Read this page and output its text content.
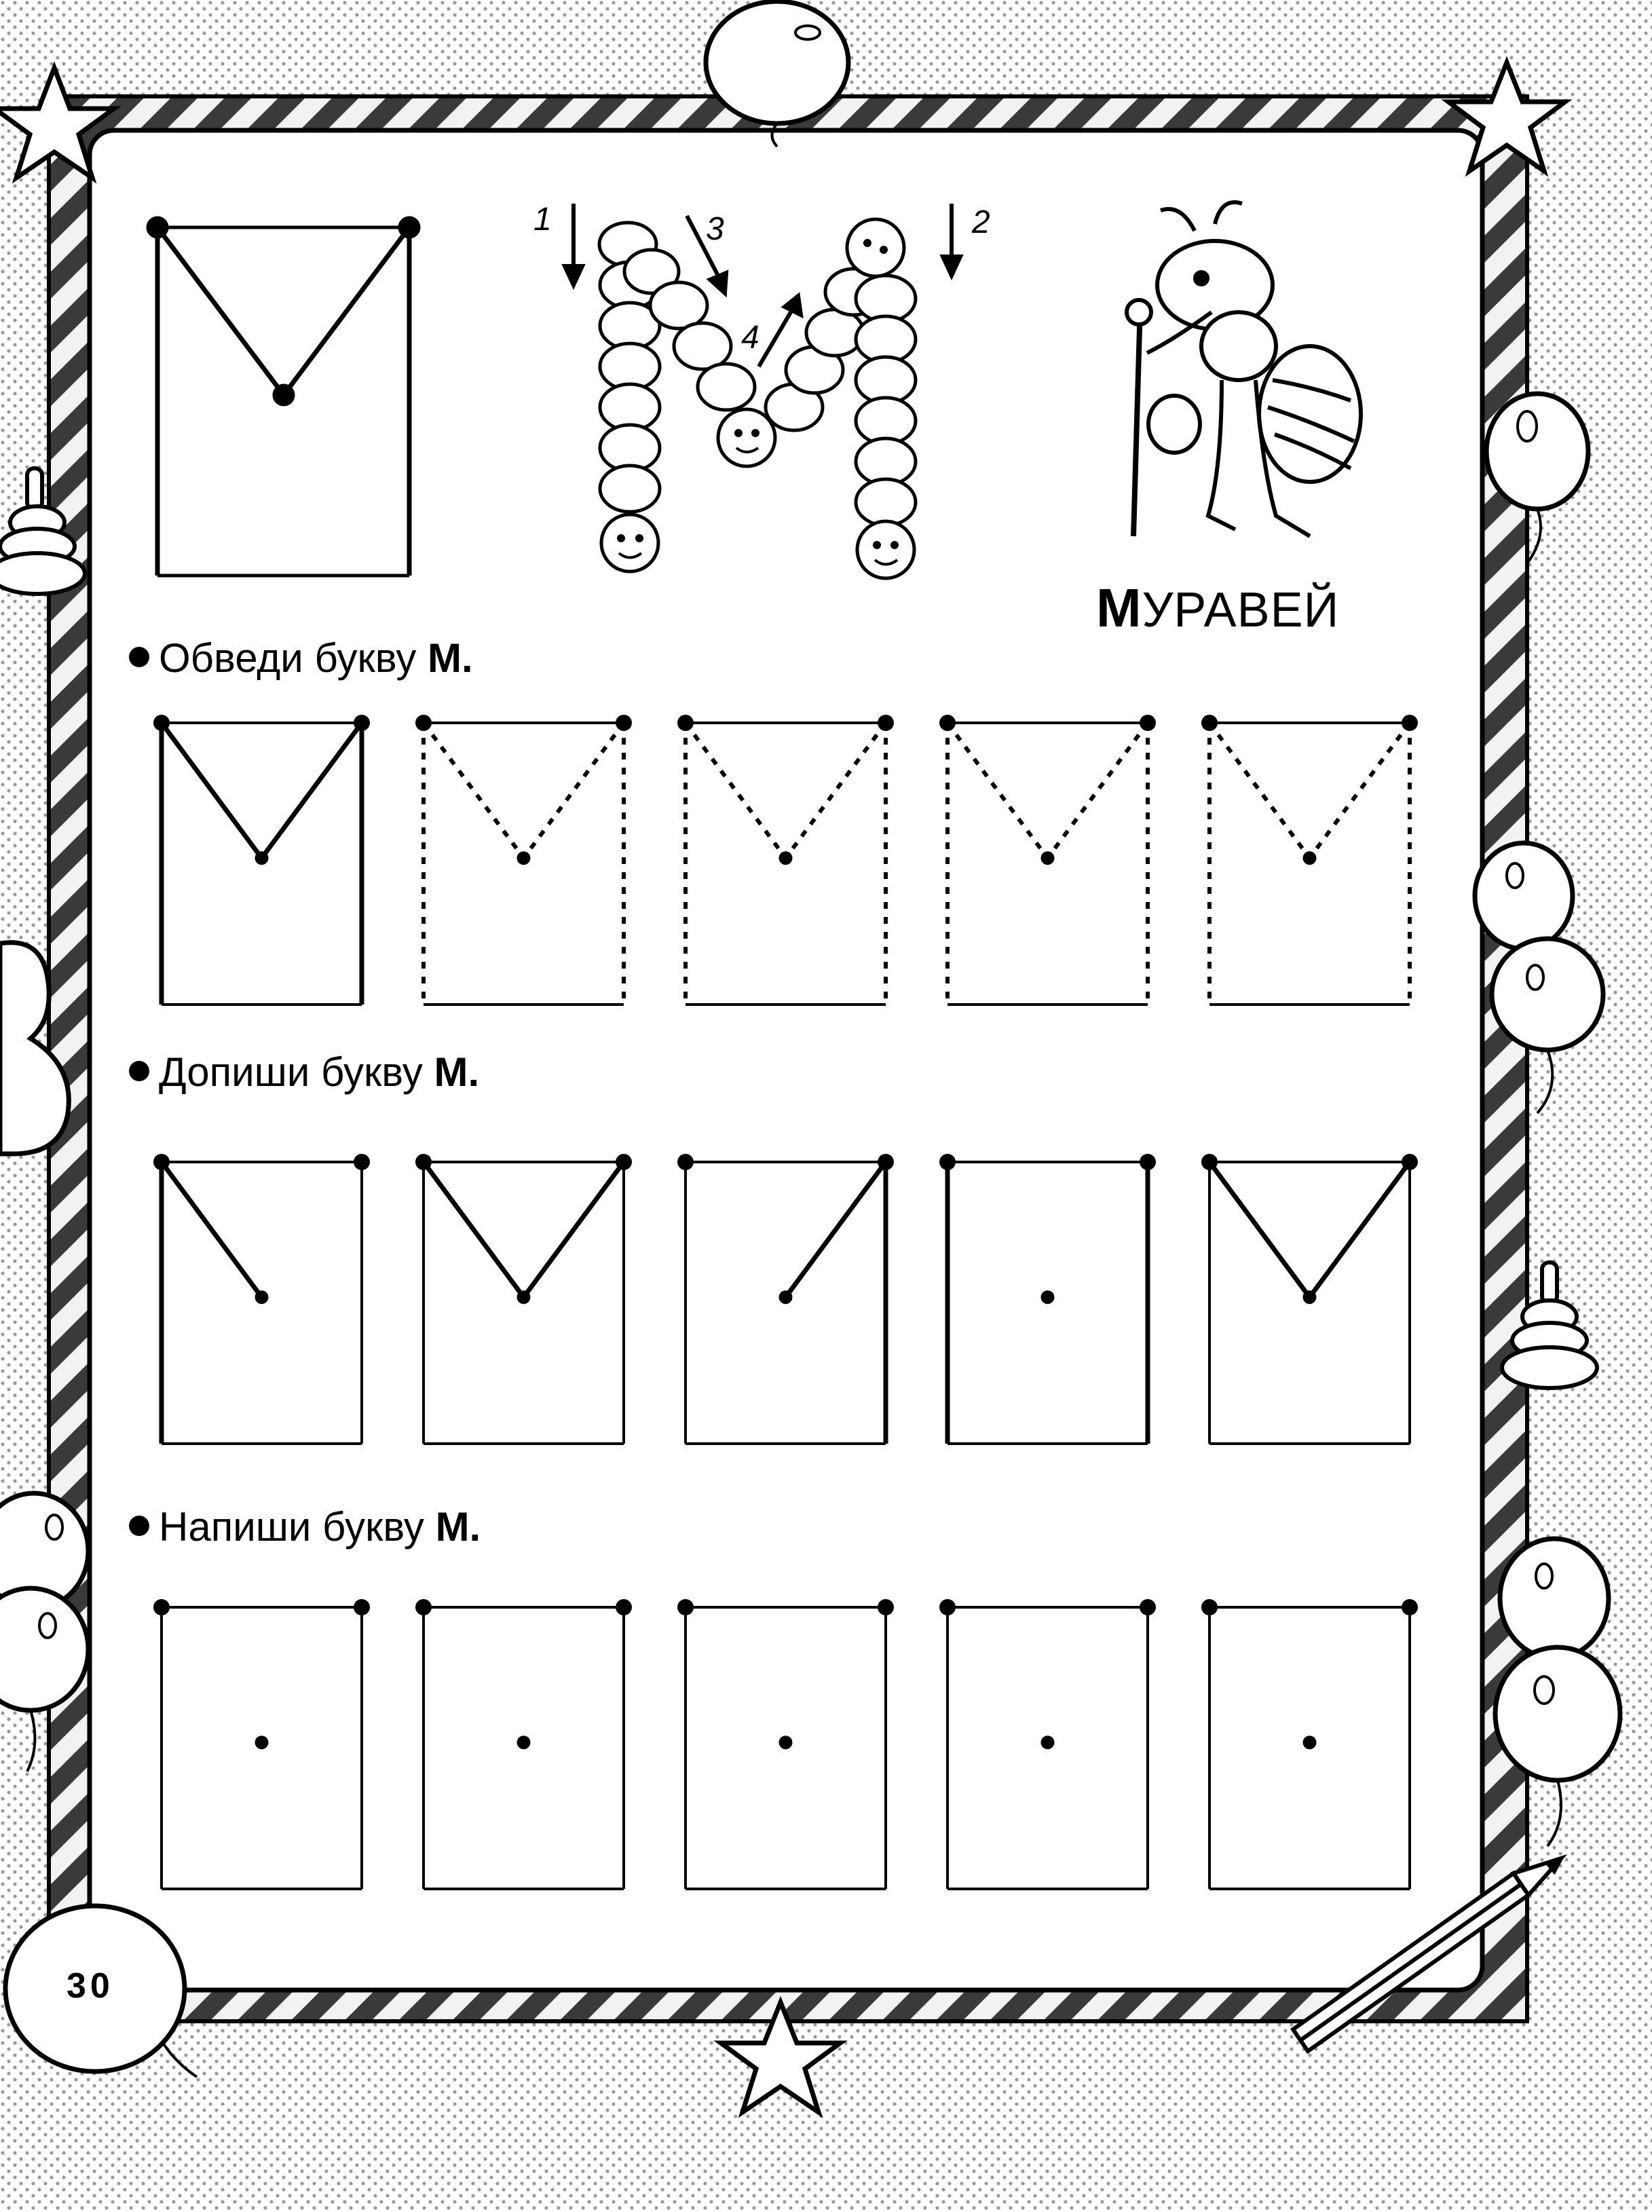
1	2
3
4
МУРАВЕЙ
Обведи букву М.
Допиши букву М.
Напиши букву М.
30
